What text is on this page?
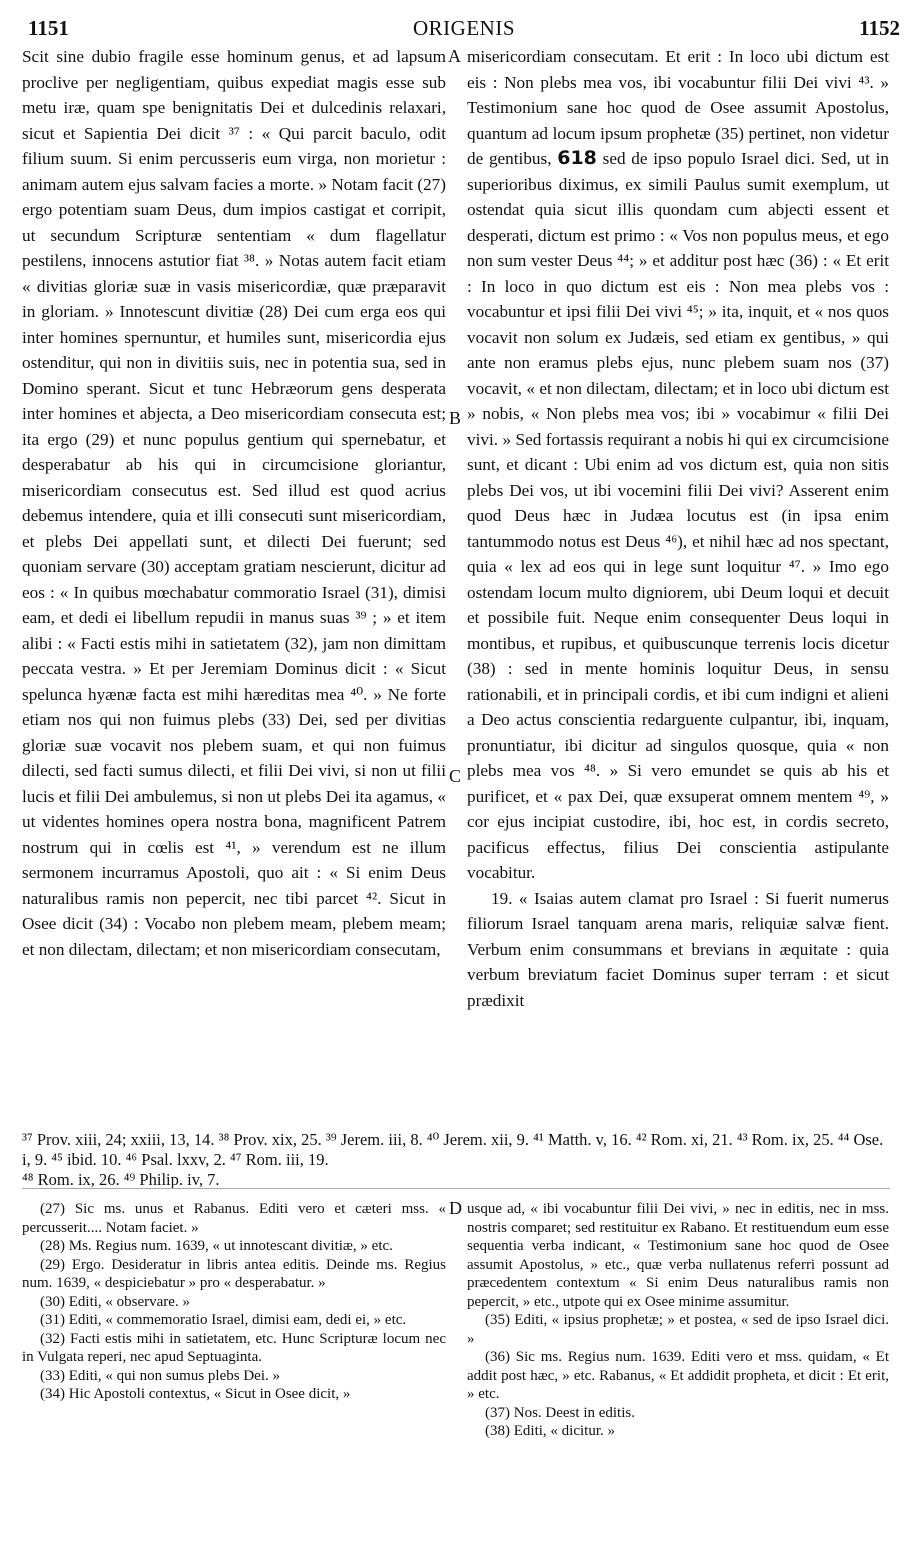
1151	ORIGENIS	1152
A
B
C
D

Scit sine dubio fragile esse hominum genus, et ad lapsum proclive per negligentiam, quibus expediat magis esse sub metu iræ, quam spe benignitatis Dei et dulcedinis relaxari, sicut et Sapientia Dei dicit ³⁷ : « Qui parcit baculo, odit filium suum. Si enim percusseris eum virga, non morietur : animam autem ejus salvam facies a morte. » Notam facit (27) ergo potentiam suam Deus, dum impios castigat et corripit, ut secundum Scripturæ sententiam « dum flagellatur pestilens, innocens astutior fiat ³⁸. » Notas autem facit etiam « divitias gloriæ suæ in vasis misericordiæ, quæ præparavit in gloriam. » Innotescunt divitiæ (28) Dei cum erga eos qui inter homines spernuntur, et humiles sunt, misericordia ejus ostenditur, qui non in divitiis suis, nec in potentia sua, sed in Domino sperant. Sicut et tunc Hebræorum gens desperata inter homines et abjecta, a Deo misericordiam consecuta est; ita ergo (29) et nunc populus gentium qui spernebatur, et desperabatur ab his qui in circumcisione gloriantur, misericordiam consecutus est. Sed illud est quod acrius debemus intendere, quia et illi consecuti sunt misericordiam, et plebs Dei appellati sunt, et dilecti Dei fuerunt; sed quoniam servare (30) acceptam gratiam nescierunt, dicitur ad eos : « In quibus mœchabatur commoratio Israel (31), dimisi eam, et dedi ei libellum repudii in manus suas ³⁹ ; » et item alibi : « Facti estis mihi in satietatem (32), jam non dimittam peccata vestra. » Et per Jeremiam Dominus dicit : « Sicut spelunca hyænæ facta est mihi hæreditas mea ⁴⁰. » Ne forte etiam nos qui non fuimus plebs (33) Dei, sed per divitias gloriæ suæ vocavit nos plebem suam, et qui non fuimus dilecti, sed facti sumus dilecti, et filii Dei vivi, si non ut filii lucis et filii Dei ambulemus, si non ut plebs Dei ita agamus, « ut videntes homines opera nostra bona, magnificent Patrem nostrum qui in cœlis est ⁴¹, » verendum est ne illum sermonem incurramus Apostoli, quo ait : « Si enim Deus naturalibus ramis non pepercit, nec tibi parcet ⁴². Sicut in Osee dicit (34) : Vocabo non plebem meam, plebem meam; et non dilectam, dilectam; et non misericordiam consecutam,

misericordiam consecutam. Et erit : In loco ubi dictum est eis : Non plebs mea vos, ibi vocabuntur filii Dei vivi ⁴³. » Testimonium sane hoc quod de Osee assumit Apostolus, quantum ad locum ipsum prophetæ (35) pertinet, non videtur de gentibus, 618 sed de ipso populo Israel dici. Sed, ut in superioribus diximus, ex simili Paulus sumit exemplum, ut ostendat quia sicut illis quondam cum abjecti essent et desperati, dictum est primo : « Vos non populus meus, et ego non sum vester Deus ⁴⁴; » et additur post hæc (36) : « Et erit : In loco in quo dictum est eis : Non mea plebs vos : vocabuntur et ipsi filii Dei vivi ⁴⁵; » ita, inquit, et « nos quos vocavit non solum ex Judæis, sed etiam ex gentibus, » qui ante non eramus plebs ejus, nunc plebem suam nos (37) vocavit, « et non dilectam, dilectam; et in loco ubi dictum est » nobis, « Non plebs mea vos; ibi » vocabimur « filii Dei vivi. » Sed fortassis requirant a nobis hi qui ex circumcisione sunt, et dicant : Ubi enim ad vos dictum est, quia non sitis plebs Dei vos, ut ibi vocemini filii Dei vivi? Asserent enim quod Deus hæc in Judæa locutus est (in ipsa enim tantummodo notus est Deus ⁴⁶), et nihil hæc ad nos spectant, quia « lex ad eos qui in lege sunt loquitur ⁴⁷. » Imo ego ostendam locum multo digniorem, ubi Deum loqui et decuit et possibile fuit. Neque enim consequenter Deus loqui in montibus, et rupibus, et quibuscunque terrenis locis dicetur (38) : sed in mente hominis loquitur Deus, in sensu rationabili, et in principali cordis, et ibi cum indigni et alieni a Deo actus conscientia redarguente culpantur, ibi, inquam, pronuntiatur, ibi dicitur ad singulos quosque, quia « non plebs mea vos ⁴⁸. » Si vero emundet se quis ab his et purificet, et « pax Dei, quæ exsuperat omnem mentem ⁴⁹, » cor ejus incipiat custodire, ibi, hoc est, in cordis secreto, pacificus effectus, filius Dei conscientia astipulante vocabitur.

19. « Isaias autem clamat pro Israel : Si fuerit numerus filiorum Israel tanquam arena maris, reliquiæ salvæ fient. Verbum enim consummans et brevians in æquitate : quia verbum breviatum faciet Dominus super terram : et sicut prædixit

³⁷ Prov. xiii, 24; xxiii, 13, 14. ³⁸ Prov. xix, 25. ³⁹ Jerem. iii, 8. ⁴⁰ Jerem. xii, 9. ⁴¹ Matth. v, 16. ⁴² Rom. xi, 21. ⁴³ Rom. ix, 25. ⁴⁴ Ose. i, 9. ⁴⁵ ibid. 10. ⁴⁶ Psal. lxxv, 2. ⁴⁷ Rom. iii, 19.

⁴⁸ Rom. ix, 26. ⁴⁹ Philip. iv, 7.

(27) Sic ms. unus et Rabanus. Editi vero et cæteri mss. « percusserit.... Notam faciet. »

(28) Ms. Regius num. 1639, « ut innotescant divitiæ, » etc.

(29) Ergo. Desideratur in libris antea editis. Deinde ms. Regius num. 1639, « despiciebatur » pro « desperabatur. »

(30) Editi, « observare. »

(31) Editi, « commemoratio Israel, dimisi eam, dedi ei, » etc.

(32) Facti estis mihi in satietatem, etc. Hunc Scripturæ locum nec in Vulgata reperi, nec apud Septuaginta.

(33) Editi, « qui non sumus plebs Dei. »

(34) Hic Apostoli contextus, « Sicut in Osee dicit, »

usque ad, « ibi vocabuntur filii Dei vivi, » nec in editis, nec in mss. nostris comparet; sed restituitur ex Rabano. Et restituendum eum esse sequentia verba indicant, « Testimonium sane hoc quod de Osee assumit Apostolus, » etc., quæ verba nullatenus referri possunt ad præcedentem contextum « Si enim Deus naturalibus ramis non pepercit, » etc., utpote qui ex Osee minime assumitur.

(35) Editi, « ipsius prophetæ; » et postea, « sed de ipso Israel dici. »

(36) Sic ms. Regius num. 1639. Editi vero et mss. quidam, « Et addit post hæc, » etc. Rabanus, « Et addidit propheta, et dicit : Et erit, » etc.

(37) Nos. Deest in editis.

(38) Editi, « dicitur. »
